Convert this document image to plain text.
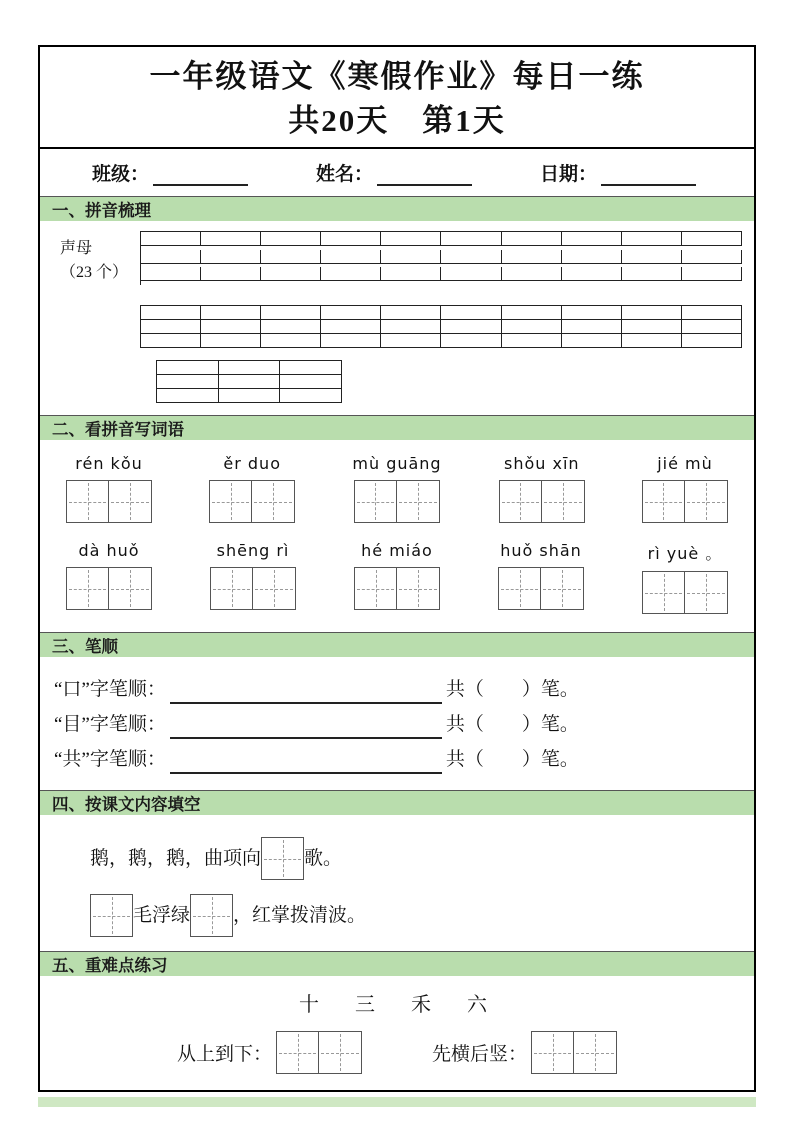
一年级语文《寒假作业》每日一练
共20天　第1天
班级：	姓名：	日期：
一、拼音梳理
声母
（23 个）
二、看拼音写词语
rén kǒu	ěr duo	mù guāng	shǒu xīn	jié mù
dà huǒ	shēng rì	hé miáo	huǒ shān	rì yuè 。
三、笔顺
“口”字笔顺：	共（　　）笔。
“目”字笔顺：	共（　　）笔。
“共”字笔顺：	共（　　）笔。
四、按课文内容填空
鹅，鹅，鹅，曲项向 歌。
毛浮绿 ，红掌拨清波。
五、重难点练习
十　三　禾　六
从上到下：	先横后竖：
